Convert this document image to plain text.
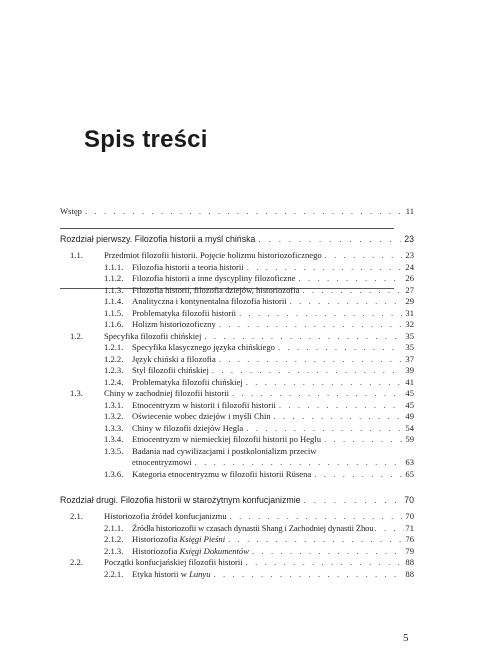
Spis treści
Wstęp . . .	11
Rozdział pierwszy. Filozofia historii a myśl chińska . . .	23
1.1.	Przedmiot filozofii historii. Pojęcie holizmu historiozoficznego . . .	23
1.1.1.	Filozofia historii a teoria historii . . .	24
1.1.2.	Filozofia historii a inne dyscypliny filozoficzne . . .	26
1.1.3.	Filozofia historii, filozofia dziejów, historiozofia . . .	27
1.1.4.	Analityczna i kontynentalna filozofia historii . . .	29
1.1.5.	Problematyka filozofii historii . . .	31
1.1.6.	Holizm historiozoficzny . . .	32
1.2.	Specyfika filozofii chińskiej . . .	35
1.2.1.	Specyfika klasycznego języka chińskiego . . .	35
1.2.2.	Język chiński a filozofia . . .	37
1.2.3.	Styl filozofii chińskiej . . .	39
1.2.4.	Problematyka filozofii chińskiej . . .	41
1.3.	Chiny w zachodniej filozofii historii . . .	45
1.3.1.	Etnocentryzm w historii i filozofii historii . . .	45
1.3.2.	Oświecenie wobec dziejów i myśli Chin . . .	49
1.3.3.	Chiny w filozofii dziejów Hegla . . .	54
1.3.4.	Etnocentryzm w niemieckiej filozofii historii po Heglu . . .	59
1.3.5.	Badania nad cywilizacjami i postkolonializm przeciw
etnocentryzmowi . . .	63
1.3.6.	Kategoria etnocentryzmu w filozofii historii Rüsena . . .	65
Rozdział drugi. Filozofia historii w starożytnym konfucjanizmie . . .	70
2.1.	Historiozofia źródeł konfucjanizmu . . .	70
2.1.1.	Źródła historiozofii w czasach dynastii Shang i Zachodniej dynastii Zhou . . .	71
2.1.2.	Historiozofia Księgi Pieśni . . .	76
2.1.3.	Historiozofia Księgi Dokumentów . . .	79
2.2.	Początki konfucjańskiej filozofii historii . . .	88
2.2.1.	Etyka historii w Lunyu . . .	88
5
